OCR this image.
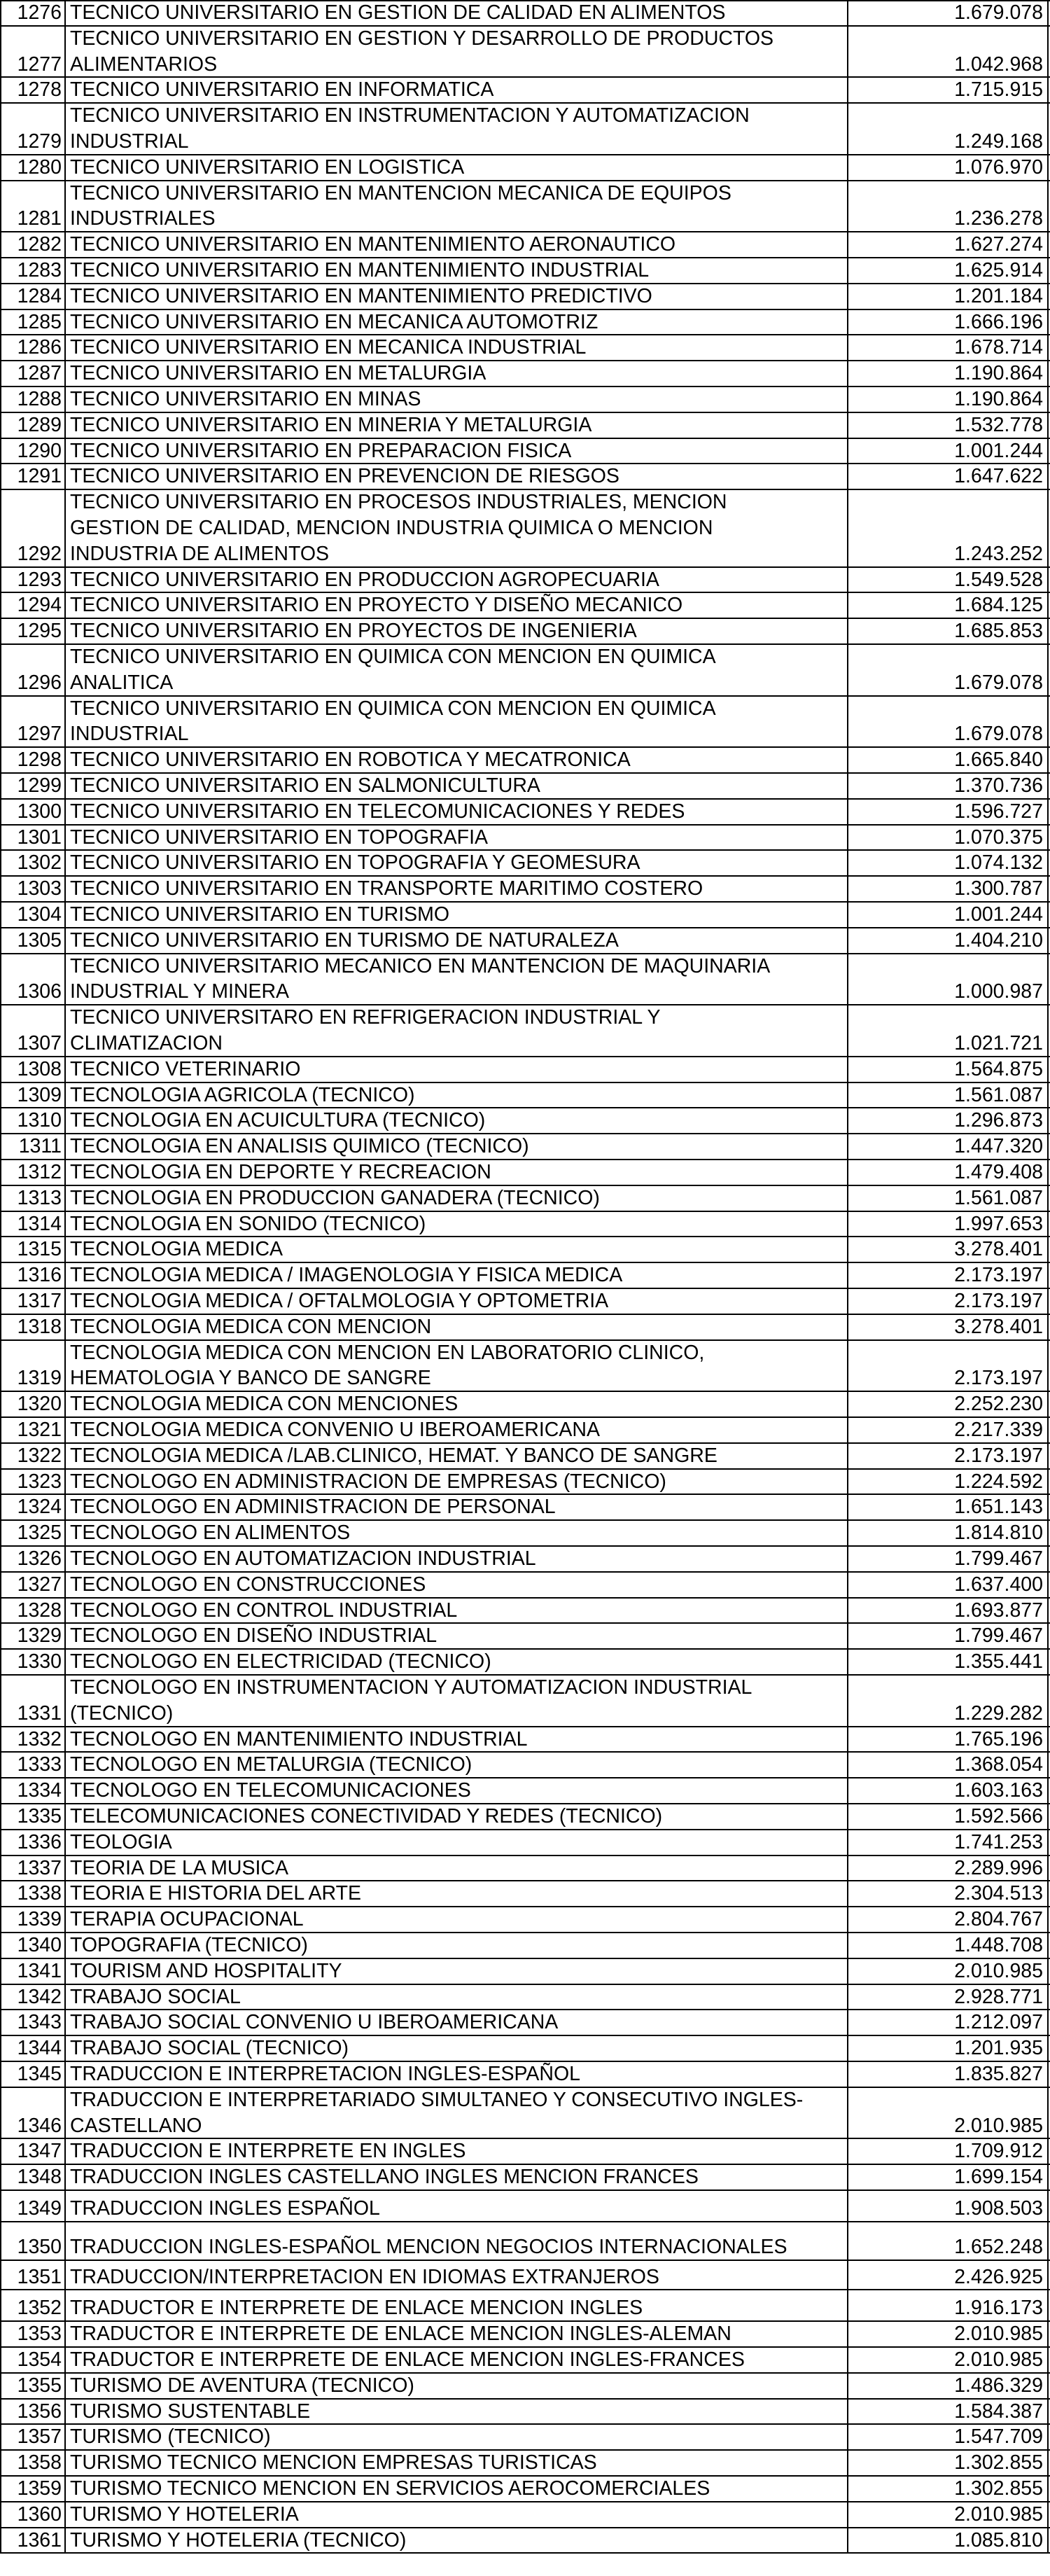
1276 TECNICO UNIVERSITARIO EN GESTION DE CALIDAD EN ALIMENTOS	1.679.078
1277
TECNICO UNIVERSITARIO EN GESTION Y DESARROLLO DE PRODUCTOS
ALIMENTARIOS	1.042.968
1278 TECNICO UNIVERSITARIO EN INFORMATICA	1.715.915
1279
TECNICO UNIVERSITARIO EN INSTRUMENTACION Y AUTOMATIZACION
INDUSTRIAL	1.249.168
1280 TECNICO UNIVERSITARIO EN LOGISTICA	1.076.970
1281
TECNICO UNIVERSITARIO EN MANTENCION MECANICA DE EQUIPOS
INDUSTRIALES	1.236.278
1282 TECNICO UNIVERSITARIO EN MANTENIMIENTO AERONAUTICO	1.627.274
1283 TECNICO UNIVERSITARIO EN MANTENIMIENTO INDUSTRIAL	1.625.914
1284 TECNICO UNIVERSITARIO EN MANTENIMIENTO PREDICTIVO	1.201.184
1285 TECNICO UNIVERSITARIO EN MECANICA AUTOMOTRIZ	1.666.196
1286 TECNICO UNIVERSITARIO EN MECANICA INDUSTRIAL	1.678.714
1287 TECNICO UNIVERSITARIO EN METALURGIA	1.190.864
1288 TECNICO UNIVERSITARIO EN MINAS	1.190.864
1289 TECNICO UNIVERSITARIO EN MINERIA Y METALURGIA	1.532.778
1290 TECNICO UNIVERSITARIO EN PREPARACION FISICA	1.001.244
1291 TECNICO UNIVERSITARIO EN PREVENCION DE RIESGOS	1.647.622
1292
TECNICO UNIVERSITARIO EN PROCESOS INDUSTRIALES, MENCION
GESTION DE CALIDAD, MENCION INDUSTRIA QUIMICA O MENCION
INDUSTRIA DE ALIMENTOS	1.243.252
1293 TECNICO UNIVERSITARIO EN PRODUCCION AGROPECUARIA	1.549.528
1294 TECNICO UNIVERSITARIO EN PROYECTO Y DISEÑO MECANICO	1.684.125
1295 TECNICO UNIVERSITARIO EN PROYECTOS DE INGENIERIA	1.685.853
1296
TECNICO UNIVERSITARIO EN QUIMICA CON MENCION EN QUIMICA
ANALITICA	1.679.078
1297
TECNICO UNIVERSITARIO EN QUIMICA CON MENCION EN QUIMICA
INDUSTRIAL	1.679.078
1298 TECNICO UNIVERSITARIO EN ROBOTICA Y MECATRONICA	1.665.840
1299 TECNICO UNIVERSITARIO EN SALMONICULTURA	1.370.736
1300 TECNICO UNIVERSITARIO EN TELECOMUNICACIONES Y REDES	1.596.727
1301 TECNICO UNIVERSITARIO EN TOPOGRAFIA	1.070.375
1302 TECNICO UNIVERSITARIO EN TOPOGRAFIA Y GEOMESURA	1.074.132
1303 TECNICO UNIVERSITARIO EN TRANSPORTE MARITIMO COSTERO	1.300.787
1304 TECNICO UNIVERSITARIO EN TURISMO	1.001.244
1305 TECNICO UNIVERSITARIO EN TURISMO DE NATURALEZA	1.404.210
1306
TECNICO UNIVERSITARIO MECANICO EN MANTENCION DE MAQUINARIA
INDUSTRIAL Y MINERA	1.000.987
1307
TECNICO UNIVERSITARO EN REFRIGERACION INDUSTRIAL Y
CLIMATIZACION	1.021.721
1308 TECNICO VETERINARIO	1.564.875
1309 TECNOLOGIA AGRICOLA (TECNICO)	1.561.087
1310 TECNOLOGIA EN ACUICULTURA (TECNICO)	1.296.873
1311 TECNOLOGIA EN ANALISIS QUIMICO (TECNICO)	1.447.320
1312 TECNOLOGIA EN DEPORTE Y RECREACION	1.479.408
1313 TECNOLOGIA EN PRODUCCION GANADERA (TECNICO)	1.561.087
1314 TECNOLOGIA EN SONIDO (TECNICO)	1.997.653
1315 TECNOLOGIA MEDICA	3.278.401
1316 TECNOLOGIA MEDICA / IMAGENOLOGIA Y FISICA MEDICA	2.173.197
1317 TECNOLOGIA MEDICA / OFTALMOLOGIA Y OPTOMETRIA	2.173.197
1318 TECNOLOGIA MEDICA CON MENCION	3.278.401
1319
TECNOLOGIA MEDICA CON MENCION EN LABORATORIO CLINICO,
HEMATOLOGIA Y BANCO DE SANGRE	2.173.197
1320 TECNOLOGIA MEDICA CON MENCIONES	2.252.230
1321 TECNOLOGIA MEDICA CONVENIO U IBEROAMERICANA	2.217.339
1322 TECNOLOGIA MEDICA /LAB.CLINICO, HEMAT. Y BANCO DE SANGRE	2.173.197
1323 TECNOLOGO EN ADMINISTRACION DE EMPRESAS (TECNICO)	1.224.592
1324 TECNOLOGO EN ADMINISTRACION DE PERSONAL	1.651.143
1325 TECNOLOGO EN ALIMENTOS	1.814.810
1326 TECNOLOGO EN AUTOMATIZACION INDUSTRIAL	1.799.467
1327 TECNOLOGO EN CONSTRUCCIONES	1.637.400
1328 TECNOLOGO EN CONTROL INDUSTRIAL	1.693.877
1329 TECNOLOGO EN DISEÑO INDUSTRIAL	1.799.467
1330 TECNOLOGO EN ELECTRICIDAD (TECNICO)	1.355.441
1331
TECNOLOGO EN INSTRUMENTACION Y AUTOMATIZACION INDUSTRIAL
(TECNICO)	1.229.282
1332 TECNOLOGO EN MANTENIMIENTO INDUSTRIAL	1.765.196
1333 TECNOLOGO EN METALURGIA (TECNICO)	1.368.054
1334 TECNOLOGO EN TELECOMUNICACIONES	1.603.163
1335 TELECOMUNICACIONES CONECTIVIDAD Y REDES (TECNICO)	1.592.566
1336 TEOLOGIA	1.741.253
1337 TEORIA DE LA MUSICA	2.289.996
1338 TEORIA E HISTORIA DEL ARTE	2.304.513
1339 TERAPIA OCUPACIONAL	2.804.767
1340 TOPOGRAFIA (TECNICO)	1.448.708
1341 TOURISM AND HOSPITALITY	2.010.985
1342 TRABAJO SOCIAL	2.928.771
1343 TRABAJO SOCIAL CONVENIO U IBEROAMERICANA	1.212.097
1344 TRABAJO SOCIAL (TECNICO)	1.201.935
1345 TRADUCCION E INTERPRETACION INGLES-ESPAÑOL	1.835.827
1346
TRADUCCION E INTERPRETARIADO SIMULTANEO Y CONSECUTIVO INGLES-
CASTELLANO	2.010.985
1347 TRADUCCION E INTERPRETE EN INGLES	1.709.912
1348 TRADUCCION INGLES CASTELLANO INGLES MENCION FRANCES	1.699.154
1349 TRADUCCION INGLES ESPAÑOL	1.908.503
1350 TRADUCCION INGLES-ESPAÑOL MENCION NEGOCIOS INTERNACIONALES	1.652.248
1351 TRADUCCION/INTERPRETACION EN IDIOMAS EXTRANJEROS	2.426.925
1352 TRADUCTOR E INTERPRETE DE ENLACE MENCION INGLES	1.916.173
1353 TRADUCTOR E INTERPRETE DE ENLACE MENCION INGLES-ALEMAN	2.010.985
1354 TRADUCTOR E INTERPRETE DE ENLACE MENCION INGLES-FRANCES	2.010.985
1355 TURISMO DE AVENTURA (TECNICO)	1.486.329
1356 TURISMO SUSTENTABLE	1.584.387
1357 TURISMO (TECNICO)	1.547.709
1358 TURISMO TECNICO MENCION EMPRESAS TURISTICAS	1.302.855
1359 TURISMO TECNICO MENCION EN SERVICIOS AEROCOMERCIALES	1.302.855
1360 TURISMO Y HOTELERIA	2.010.985
1361 TURISMO Y HOTELERIA (TECNICO)	1.085.810
